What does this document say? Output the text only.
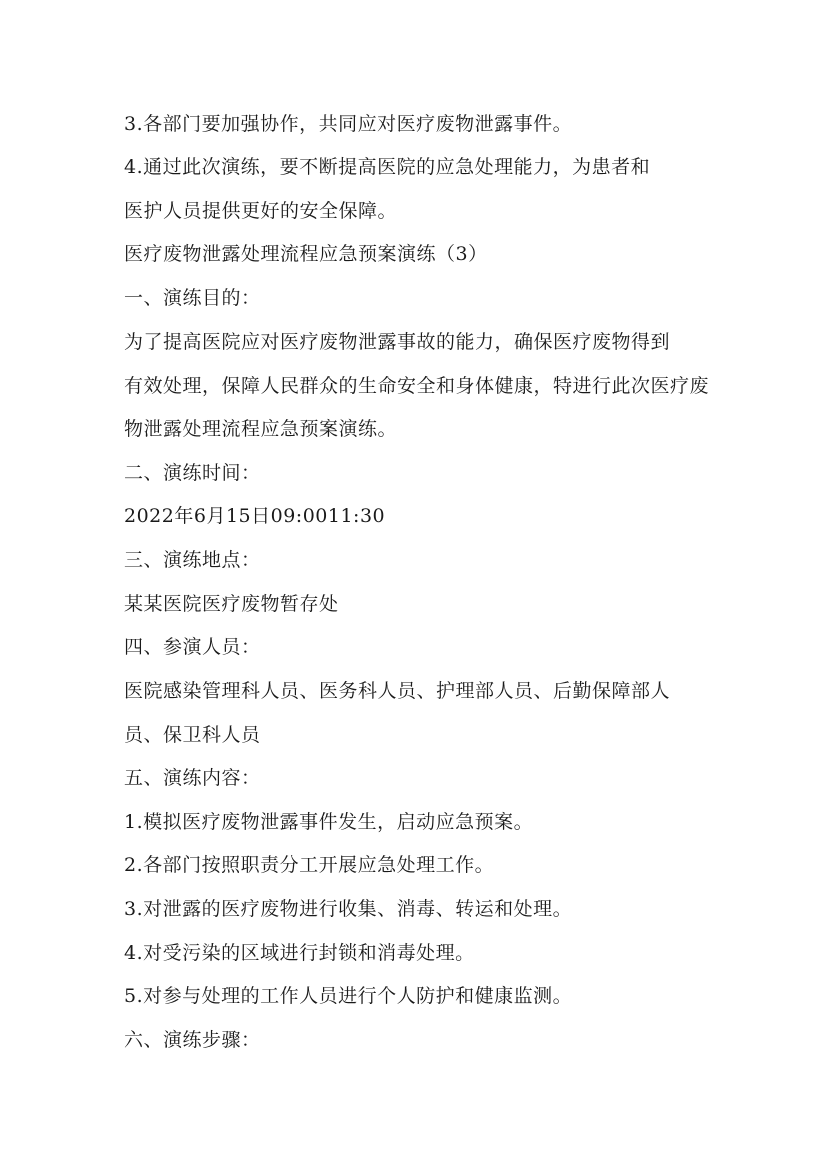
3.各部门要加强协作，共同应对医疗废物泄露事件。
4.通过此次演练，要不断提高医院的应急处理能力，为患者和
医护人员提供更好的安全保障。
医疗废物泄露处理流程应急预案演练（3）
一、演练目的：
为了提高医院应对医疗废物泄露事故的能力，确保医疗废物得到
有效处理，保障人民群众的生命安全和身体健康，特进行此次医疗废
物泄露处理流程应急预案演练。
二、演练时间：
2022年6月15日09:0011:30
三、演练地点：
某某医院医疗废物暂存处
四、参演人员：
医院感染管理科人员、医务科人员、护理部人员、后勤保障部人
员、保卫科人员
五、演练内容：
1.模拟医疗废物泄露事件发生，启动应急预案。
2.各部门按照职责分工开展应急处理工作。
3.对泄露的医疗废物进行收集、消毒、转运和处理。
4.对受污染的区域进行封锁和消毒处理。
5.对参与处理的工作人员进行个人防护和健康监测。
六、演练步骤：
